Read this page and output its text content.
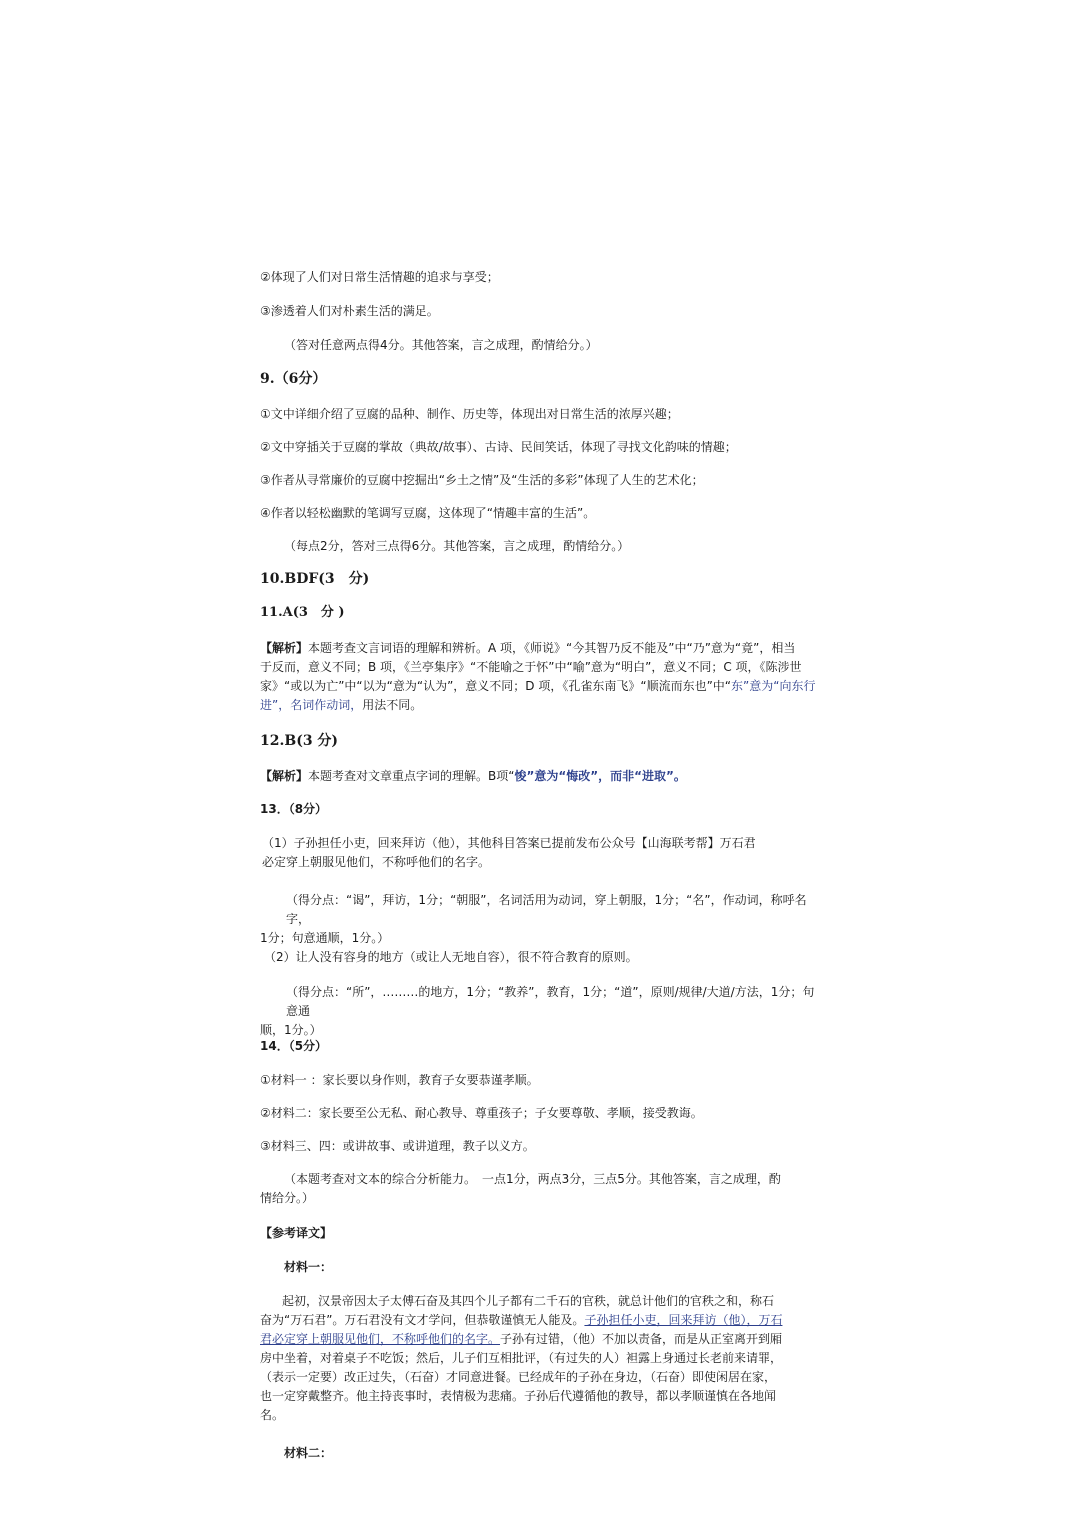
②体现了人们对日常生活情趣的追求与享受；
③渗透着人们对朴素生活的满足。
（答对任意两点得4分。其他答案，言之成理，酌情给分。）
9.（6分）
①文中详细介绍了豆腐的品种、制作、历史等，体现出对日常生活的浓厚兴趣；
②文中穿插关于豆腐的掌故（典故/故事）、古诗、民间笑话，体现了寻找文化韵味的情趣；
③作者从寻常廉价的豆腐中挖掘出“乡土之情”及“生活的多彩”体现了人生的艺术化；
④作者以轻松幽默的笔调写豆腐，这体现了“情趣丰富的生活”。
（每点2分，答对三点得6分。其他答案，言之成理，酌情给分。）
10.BDF(3　分)
11.A(3　分 )
【解析】本题考查文言词语的理解和辨析。A 项，《师说》“今其智乃反不能及”中“乃”意为“竟”，相当
于反而，意义不同；B 项，《兰亭集序》“不能喻之于怀”中“喻”意为“明白”，意义不同；C 项，《陈涉世
家》“或以为亡”中“以为“意为“认为”，意义不同；D 项，《孔雀东南飞》“顺流而东也”中“东”意为“向东行
进”，名词作动词，用法不同。
12.B(3 分)
【解析】本题考查对文章重点字词的理解。B项“悛”意为“悔改”，而非“进取”。
13．（8分）
（1）子孙担任小吏，回来拜访（他），其他科目答案已提前发布公众号【山海联考帮】万石君
必定穿上朝服见他们，不称呼他们的名字。
（得分点：“谒”，拜访，1分；“朝服”，名词活用为动词，穿上朝服，1分；“名”，作动词，称呼名字，
1分；句意通顺，1分。）
（2）让人没有容身的地方（或让人无地自容），很不符合教育的原则。
（得分点：“所”，………的地方，1分；“教养”，教育，1分；“道”，原则/规律/大道/方法，1分；句意通
顺，1分。）
14．（5分）
①材料一 ：家长要以身作则，教育子女要恭谨孝顺。
②材料二：家长要至公无私、耐心教导、尊重孩子；子女要尊敬、孝顺，接受教诲。
③材料三、四：或讲故事、或讲道理，教子以义方。
（本题考查对文本的综合分析能力。　一点1分，两点3分，三点5分。其他答案，言之成理，酌
情给分。）
【参考译文】
材料一：
起初，汉景帝因太子太傅石奋及其四个儿子都有二千石的官秩，就总计他们的官秩之和，称石
奋为“万石君”。万石君没有文才学问，但恭敬谨慎无人能及。子孙担任小吏，回来拜访（他），万石
君必定穿上朝服见他们，不称呼他们的名字。子孙有过错，（他）不加以责备，而是从正室离开到厢
房中坐着，对着桌子不吃饭；然后，儿子们互相批评，（有过失的人）袒露上身通过长老前来请罪，
（表示一定要）改正过失，（石奋）才同意进餐。已经成年的子孙在身边，（石奋）即使闲居在家，
也一定穿戴整齐。他主持丧事时，表情极为悲痛。子孙后代遵循他的教导，都以孝顺谨慎在各地闻
名。
材料二：
